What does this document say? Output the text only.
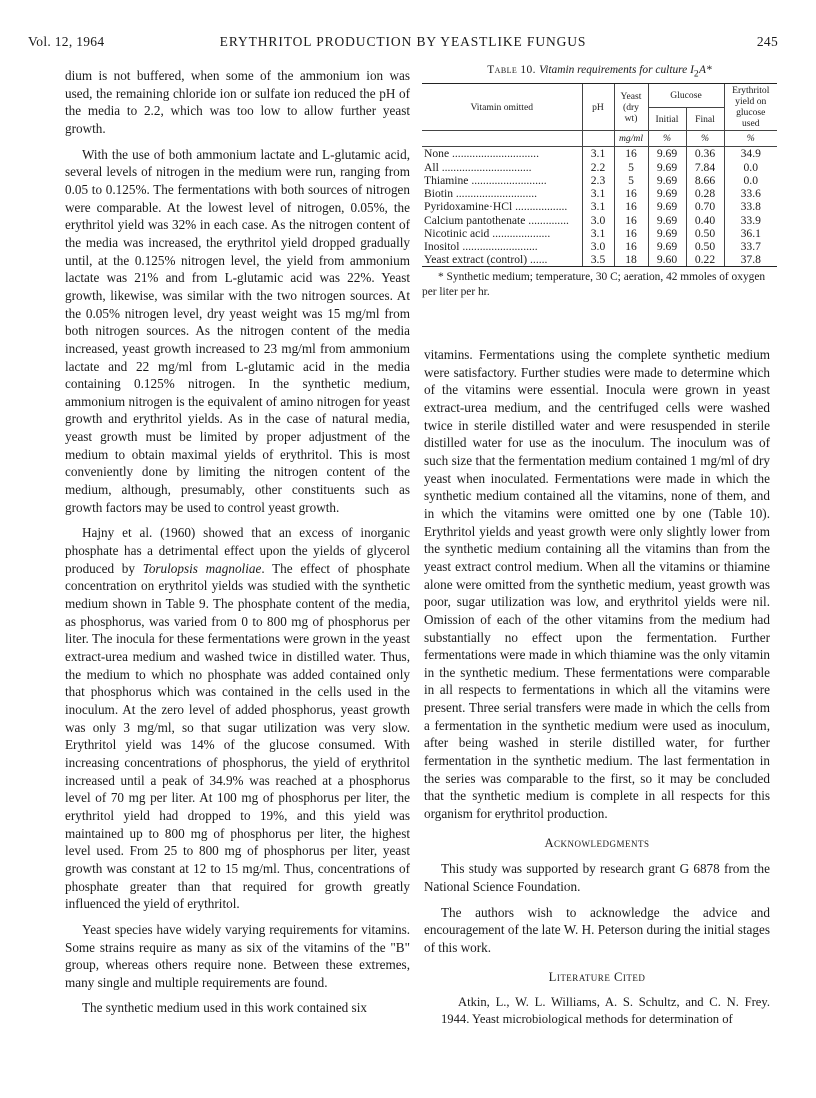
Vol. 12, 1964	ERYTHRITOL PRODUCTION BY YEASTLIKE FUNGUS	245

dium is not buffered, when some of the ammonium ion was used, the remaining chloride ion or sulfate ion reduced the pH of the media to 2.2, which was too low to allow further yeast growth.

With the use of both ammonium lactate and L-glutamic acid, several levels of nitrogen in the medium were run, ranging from 0.05 to 0.125%. The fermentations with both sources of nitrogen were comparable. At the lowest level of nitrogen, 0.05%, the erythritol yield was 32% in each case. As the nitrogen content of the media was increased, the erythritol yield dropped gradually until, at the 0.125% nitrogen level, the yield from ammonium lactate was 21% and from L-glutamic acid was 22%. Yeast growth, likewise, was similar with the two nitrogen sources. At the 0.05% nitrogen level, dry yeast weight was 15 mg/ml from both nitrogen sources. As the nitrogen content of the media increased, yeast growth increased to 23 mg/ml from ammonium lactate and 22 mg/ml from L-glutamic acid in the media containing 0.125% nitrogen. In the synthetic medium, ammonium nitrogen is the equivalent of amino nitrogen for yeast growth and erythritol yields. As in the case of natural media, yeast growth must be limited by proper adjustment of the medium to obtain maximal yields of erythritol. This is most conveniently done by limiting the nitrogen content of the medium, although, presumably, other constituents such as growth factors may be used to control yeast growth.

Hajny et al. (1960) showed that an excess of inorganic phosphate has a detrimental effect upon the yields of glycerol produced by Torulopsis magnoliae. The effect of phosphate concentration on erythritol yields was studied with the synthetic medium shown in Table 9. The phosphate content of the media, as phosphorus, was varied from 0 to 800 mg of phosphorus per liter. The inocula for these fermentations were grown in the yeast extract-urea medium and washed twice in distilled water. Thus, the medium to which no phosphate was added contained only that phosphorus which was contained in the cells used in the inoculum. At the zero level of added phosphorus, yeast growth was only 3 mg/ml, so that sugar utilization was very slow. Erythritol yield was 14% of the glucose consumed. With increasing concentrations of phosphorus, the yield of erythritol increased until a peak of 34.9% was reached at a phosphorus level of 70 mg per liter. At 100 mg of phosphorus per liter, the erythritol yield had dropped to 19%, and this yield was maintained up to 800 mg of phosphorus per liter, the highest level used. From 25 to 800 mg of phosphorus per liter, yeast growth was constant at 12 to 15 mg/ml. Thus, concentrations of phosphate greater than that required for growth greatly influenced the yield of erythritol.

Yeast species have widely varying requirements for vitamins. Some strains require as many as six of the vitamins of the "B" group, whereas others require none. Between these extremes, many single and multiple requirements are found.

The synthetic medium used in this work contained six

Table 10. Vitamin requirements for culture $I_2A*$
Vitamin omitted	pH	Yeast (dry wt)	Glucose		Erythritol yield on glucose used
			Initial	Final	
		mg/ml	%	%	%
None ..............................	3.1	16	9.69	0.36	34.9
All ...............................	2.2	5	9.69	7.84	0.0
Thiamine ..........................	2.3	5	9.69	8.66	0.0
Biotin ............................	3.1	16	9.69	0.28	33.6
Pyridoxamine·HCl ..................	3.1	16	9.69	0.70	33.8
Calcium pantothenate ..............	3.0	16	9.69	0.40	33.9
Nicotinic acid ....................	3.1	16	9.69	0.50	36.1
Inositol ..........................	3.0	16	9.69	0.50	33.7
Yeast extract (control) ......	3.5	18	9.60	0.22	37.8
* Synthetic medium; temperature, 30 C; aeration, 42 mmoles of oxygen per liter per hr.

vitamins. Fermentations using the complete synthetic medium were satisfactory. Further studies were made to determine which of the vitamins were essential. Inocula were grown in yeast extract-urea medium, and the centrifuged cells were washed twice in sterile distilled water and were resuspended in sterile distilled water for use as the inoculum. The inoculum was of such size that the fermentation medium contained 1 mg/ml of dry yeast when inoculated. Fermentations were made in which the synthetic medium contained all the vitamins, none of them, and in which the vitamins were omitted one by one (Table 10). Erythritol yields and yeast growth were only slightly lower from the synthetic medium containing all the vitamins than from the yeast extract control medium. When all the vitamins or thiamine alone were omitted from the synthetic medium, yeast growth was poor, sugar utilization was low, and erythritol yields were nil. Omission of each of the other vitamins from the medium had substantially no effect upon the fermentation. Further fermentations were made in which thiamine was the only vitamin in the synthetic medium. These fermentations were comparable in all respects to fermentations in which all the vitamins were present. Three serial transfers were made in which the cells from a fermentation in the synthetic medium were used as inoculum, after being washed in sterile distilled water, for further fermentation in the synthetic medium. The last fermentation in the series was comparable to the first, so it may be concluded that the synthetic medium is complete in all respects for this organism for erythritol production.

Acknowledgments

This study was supported by research grant G 6878 from the National Science Foundation.

The authors wish to acknowledge the advice and encouragement of the late W. H. Peterson during the initial stages of this work.

Literature Cited

Atkin, L., W. L. Williams, A. S. Schultz, and C. N. Frey. 1944. Yeast microbiological methods for determination of
